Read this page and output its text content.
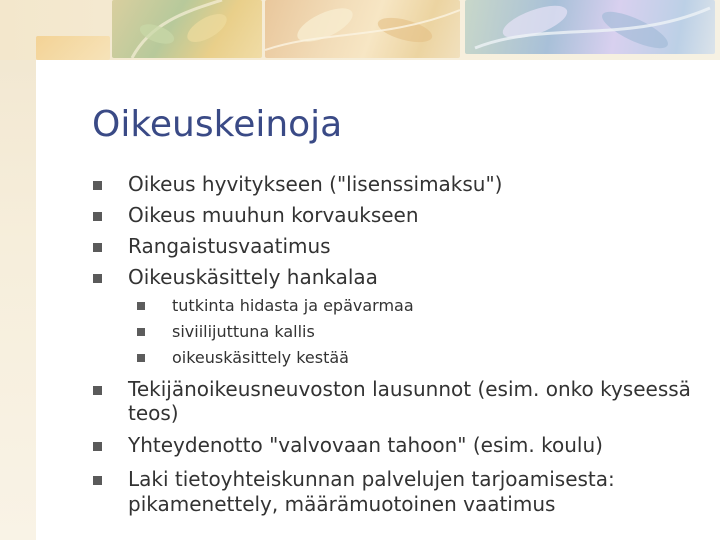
Oikeuskeinoja
Oikeus hyvitykseen ("lisenssimaksu")
Oikeus muuhun korvaukseen
Rangaistusvaatimus
Oikeuskäsittely hankalaa
tutkinta hidasta ja epävarmaa
siviilijuttuna kallis
oikeuskäsittely kestää
Tekijänoikeusneuvoston lausunnot (esim. onko kyseessä
teos)
Yhteydenotto "valvovaan tahoon" (esim. koulu)
Laki tietoyhteiskunnan palvelujen tarjoamisesta:
pikamenettely, määrämuotoinen vaatimus
